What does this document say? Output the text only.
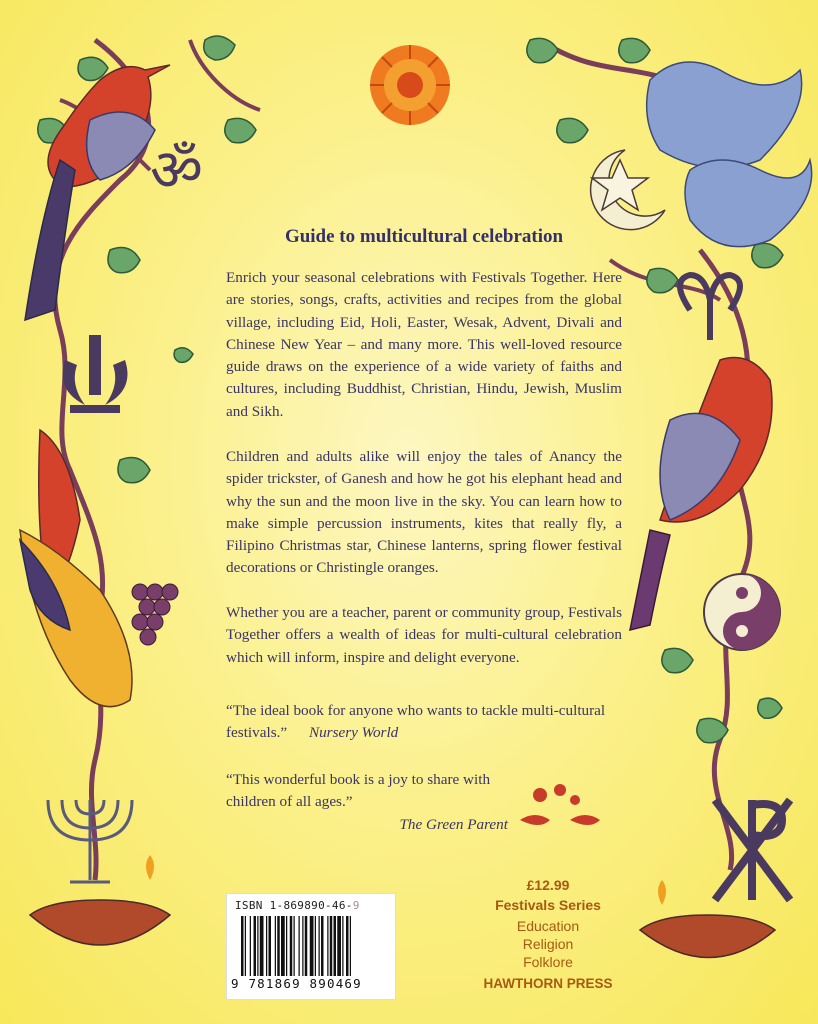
ॐ
Guide to multicultural celebration

Enrich your seasonal celebrations with Festivals Together. Here are stories, songs, crafts, activities and recipes from the global village, including Eid, Holi, Easter, Wesak, Advent, Divali and Chinese New Year – and many more. This well-loved resource guide draws on the experience of a wide variety of faiths and cultures, including Buddhist, Christian, Hindu, Jewish, Muslim and Sikh.

Children and adults alike will enjoy the tales of Anancy the spider trickster, of Ganesh and how he got his elephant head and why the sun and the moon live in the sky. You can learn how to make simple percussion instruments, kites that really fly, a Filipino Christmas star, Chinese lanterns, spring flower festival decorations or Christingle oranges.

Whether you are a teacher, parent or community group, Festivals Together offers a wealth of ideas for multi-cultural celebration which will inform, inspire and delight everyone.

“The ideal book for anyone who wants to tackle multi-cultural festivals.” Nursery World
“This wonderful book is a joy to share with children of all ages.”
The Green Parent
ISBN 1-869890-46-9
9 781869 890469
£12.99
Festivals Series
Education
Religion
Folklore
HAWTHORN PRESS
